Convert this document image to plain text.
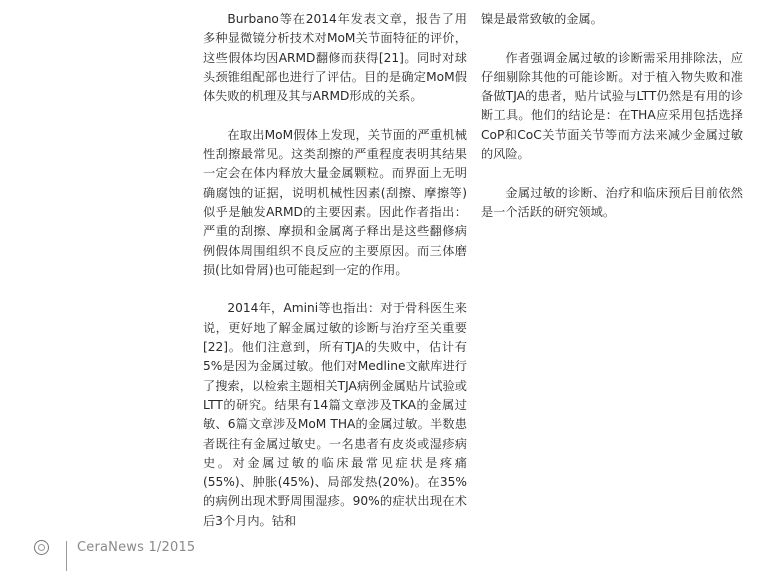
Burbano等在2014年发表文章，报告了用多种显微镜分析技术对MoM关节面特征的评价，这些假体均因ARMD翻修而获得[21]。同时对球头颈锥组配部也进行了评估。目的是确定MoM假体失败的机理及其与ARMD形成的关系。

在取出MoM假体上发现，关节面的严重机械性刮擦最常见。这类刮擦的严重程度表明其结果一定会在体内释放大量金属颗粒。而界面上无明确腐蚀的证据，说明机械性因素(刮擦、摩擦等)似乎是触发ARMD的主要因素。因此作者指出：严重的刮擦、摩损和金属离子释出是这些翻修病例假体周围组织不良反应的主要原因。而三体磨损(比如骨屑)也可能起到一定的作用。

2014年，Amini等也指出：对于骨科医生来说，更好地了解金属过敏的诊断与治疗至关重要[22]。他们注意到，所有TJA的失败中，估计有5%是因为金属过敏。他们对Medline文献库进行了搜索，以检索主题相关TJA病例金属贴片试验或LTT的研究。结果有14篇文章涉及TKA的金属过敏、6篇文章涉及MoM THA的金属过敏。半数患者既往有金属过敏史。一名患者有皮炎或湿疹病史。对金属过敏的临床最常见症状是疼痛(55%)、肿胀(45%)、局部发热(20%)。在35%的病例出现术野周围湿疹。90%的症状出现在术后3个月内。钴和

镍是最常致敏的金属。

作者强调金属过敏的诊断需采用排除法，应仔细剔除其他的可能诊断。对于植入物失败和准备做TJA的患者，贴片试验与LTT仍然是有用的诊断工具。他们的结论是：在THA应采用包括选择CoP和CoC关节面关节等而方法来减少金属过敏的风险。

金属过敏的诊断、治疗和临床预后目前依然是一个活跃的研究领域。

CeraNews 1/2015
